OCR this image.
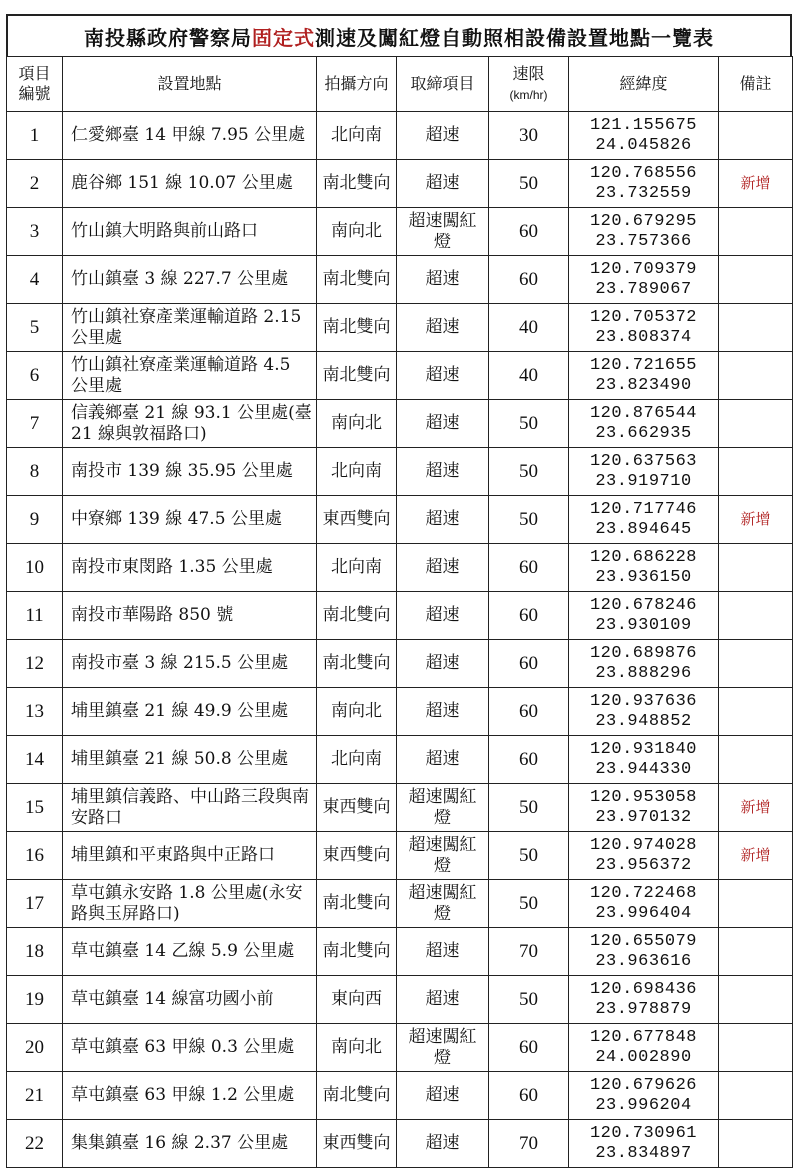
南投縣政府警察局 固定式 測速及闖紅燈自動照相設備設置地點一覽表
項目編號	設置地點	拍攝方向	取締項目	速限
(km/hr)	經緯度	備註
1	仁愛鄉臺 14 甲線 7.95 公里處	北向南	超速	30	121.155675
24.045826	

2	鹿谷鄉 151 線 10.07 公里處	南北雙向	超速	50	120.768556
23.732559	新增
3	竹山鎮大明路與前山路口	南向北	超速闖紅燈	60	120.679295
23.757366	

4	竹山鎮臺 3 線 227.7 公里處	南北雙向	超速	60	120.709379
23.789067	

5	竹山鎮社寮產業運輸道路 2.15 公里處	南北雙向	超速	40	120.705372
23.808374	

6	竹山鎮社寮產業運輸道路 4.5 公里處	南北雙向	超速	40	120.721655
23.823490	

7	信義鄉臺 21 線 93.1 公里處(臺 21 線與敦福路口)	南向北	超速	50	120.876544
23.662935	

8	南投市 139 線 35.95 公里處	北向南	超速	50	120.637563
23.919710	

9	中寮鄉 139 線 47.5 公里處	東西雙向	超速	50	120.717746
23.894645	新增
10	南投市東閔路 1.35 公里處	北向南	超速	60	120.686228
23.936150	

11	南投市華陽路 850 號	南北雙向	超速	60	120.678246
23.930109	

12	南投市臺 3 線 215.5 公里處	南北雙向	超速	60	120.689876
23.888296	

13	埔里鎮臺 21 線 49.9 公里處	南向北	超速	60	120.937636
23.948852	

14	埔里鎮臺 21 線 50.8 公里處	北向南	超速	60	120.931840
23.944330	

15	埔里鎮信義路、中山路三段與南安路口	東西雙向	超速闖紅燈	50	120.953058
23.970132	新增
16	埔里鎮和平東路與中正路口	東西雙向	超速闖紅燈	50	120.974028
23.956372	新增
17	草屯鎮永安路 1.8 公里處(永安路與玉屏路口)	南北雙向	超速闖紅燈	50	120.722468
23.996404	

18	草屯鎮臺 14 乙線 5.9 公里處	南北雙向	超速	70	120.655079
23.963616	

19	草屯鎮臺 14 線富功國小前	東向西	超速	50	120.698436
23.978879	

20	草屯鎮臺 63 甲線 0.3 公里處	南向北	超速闖紅燈	60	120.677848
24.002890	

21	草屯鎮臺 63 甲線 1.2 公里處	南北雙向	超速	60	120.679626
23.996204	

22	集集鎮臺 16 線 2.37 公里處	東西雙向	超速	70	120.730961
23.834897	
